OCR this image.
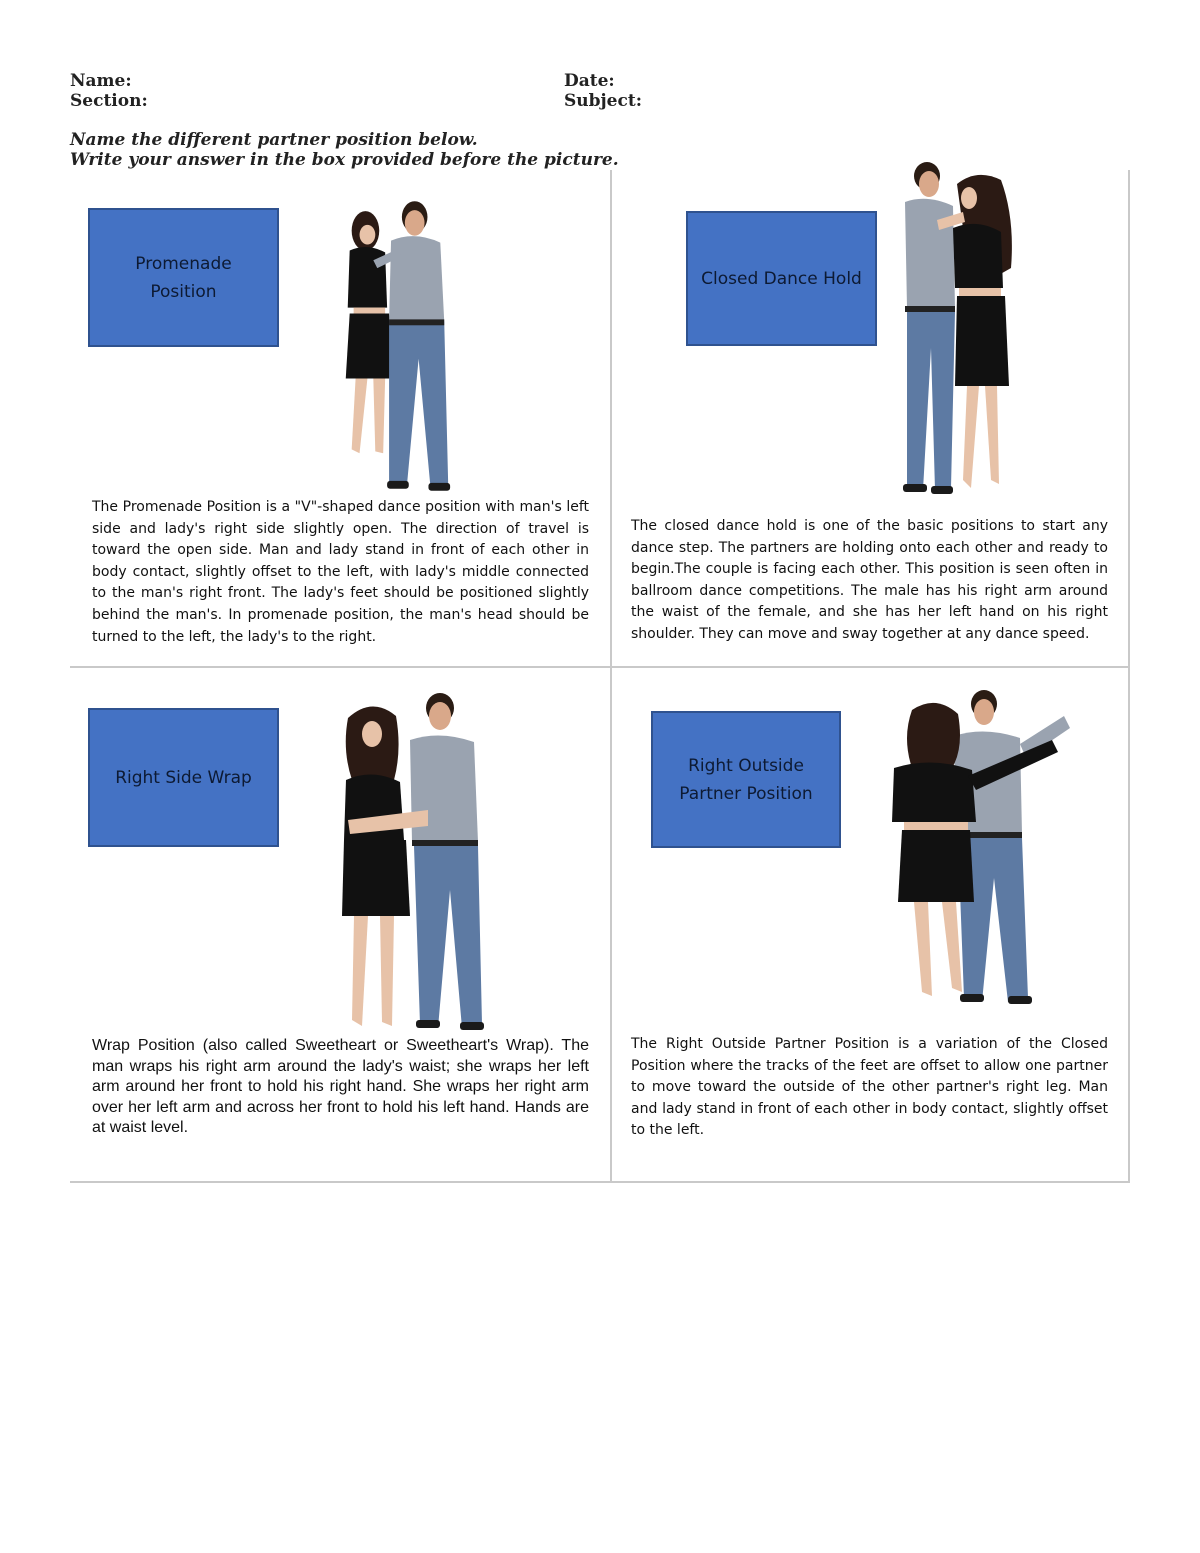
Name:
Section:
Date:
Subject:
Name the different partner position below.
Write your answer in the box provided before the picture.
Promenade Position
The Promenade Position is a "V"-shaped dance position with man's left side and lady's right side slightly open. The direction of travel is toward the open side. Man and lady stand in front of each other in body contact, slightly offset to the left, with lady's middle connected to the man's right front. The lady's feet should be positioned slightly behind the man's. In promenade position, the man's head should be turned to the left, the lady's to the right.
Closed Dance Hold
The closed dance hold is one of the basic positions to start any dance step. The partners are holding onto each other and ready to begin.The couple is facing each other. This position is seen often in ballroom dance competitions. The male has his right arm around the waist of the female, and she has her left hand on his right shoulder. They can move and sway together at any dance speed.
Right Side Wrap
Wrap Position (also called Sweetheart or Sweetheart's Wrap). The man wraps his right arm around the lady's waist; she wraps her left arm around her front to hold his right hand. She wraps her right arm over her left arm and across her front to hold his left hand. Hands are at waist level.
Right Outside Partner Position
The Right Outside Partner Position is a variation of the Closed Position where the tracks of the feet are offset to allow one partner to move toward the outside of the other partner's right leg. Man and lady stand in front of each other in body contact, slightly offset to the left.
